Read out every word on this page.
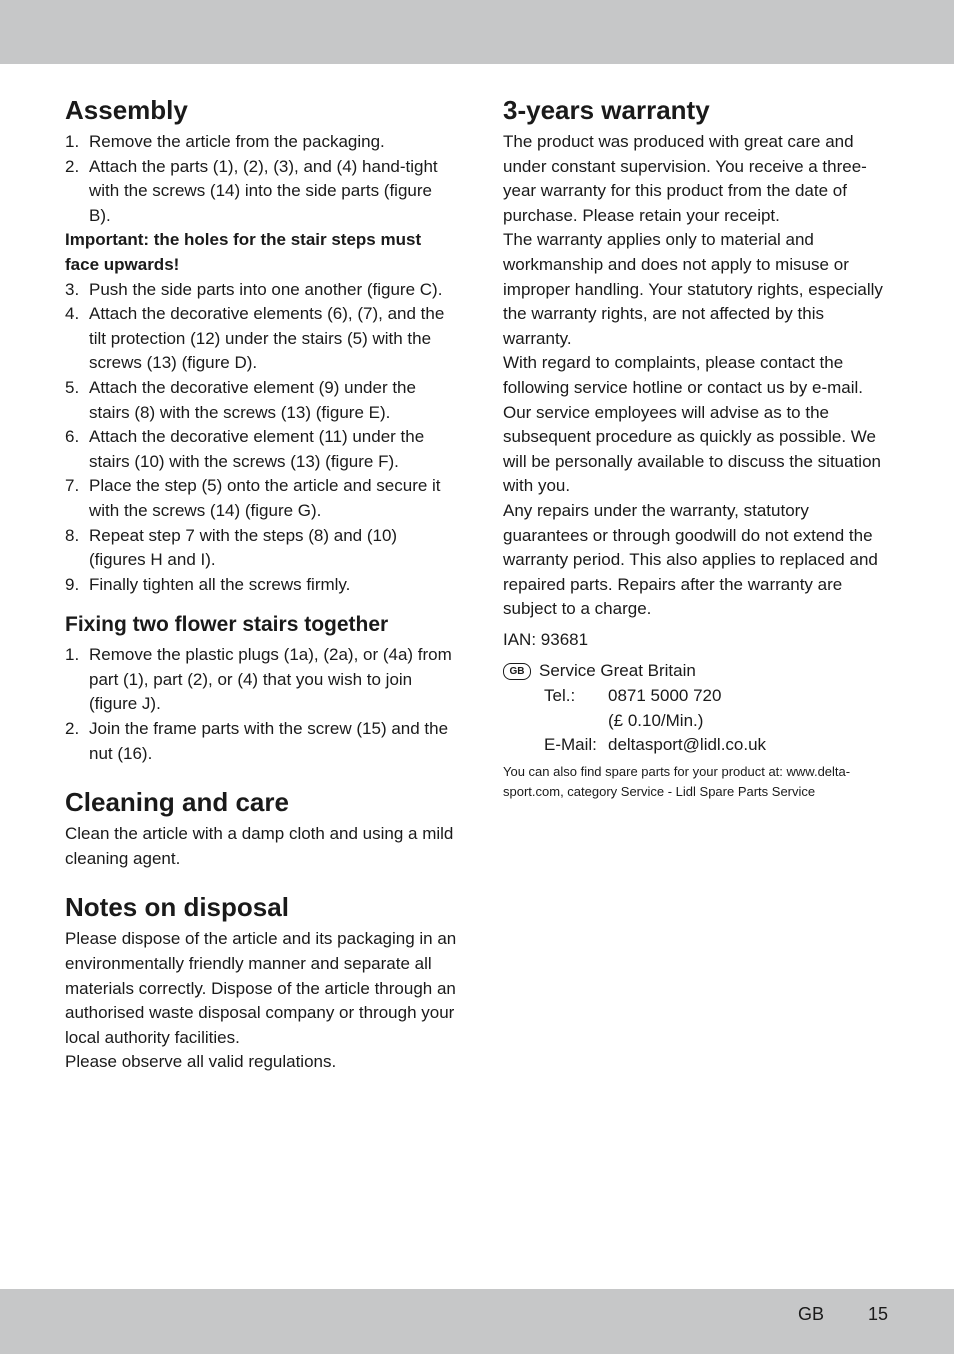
Assembly
1. Remove the article from the packaging.
2. Attach the parts (1), (2), (3), and (4) hand-tight with the screws (14) into the side parts (figure B).

Important: the holes for the stair steps must face upwards!

3. Push the side parts into one another (figure C).
4. Attach the decorative elements (6), (7), and the tilt protection (12) under the stairs (5) with the screws (13) (figure D).
5. Attach the decorative element (9) under the stairs (8) with the screws (13) (figure E).
6. Attach the decorative element (11) under the stairs (10) with the screws (13) (figure F).
7. Place the step (5) onto the article and secure it with the screws (14) (figure G).
8. Repeat step 7 with the steps (8) and (10) (figures H and I).
9. Finally tighten all the screws firmly.
Fixing two flower stairs together
1. Remove the plastic plugs (1a), (2a), or (4a) from part (1), part (2), or (4) that you wish to join (figure J).
2. Join the frame parts with the screw (15) and the nut (16).
Cleaning and care

Clean the article with a damp cloth and using a mild cleaning agent.

Notes on disposal

Please dispose of the article and its packaging in an environmentally friendly manner and separate all materials correctly. Dispose of the article through an authorised waste disposal company or through your local authority facilities.

Please observe all valid regulations.

3-years warranty

The product was produced with great care and under constant supervision. You receive a three-year warranty for this product from the date of purchase. Please retain your receipt.

The warranty applies only to material and workmanship and does not apply to misuse or improper handling. Your statutory rights, especially the warranty rights, are not affected by this warranty.

With regard to complaints, please contact the following service hotline or contact us by e-mail. Our service employees will advise as to the subsequent procedure as quickly as possible. We will be personally available to discuss the situation with you.

Any repairs under the warranty, statutory guarantees or through goodwill do not extend the warranty period. This also applies to replaced and repaired parts. Repairs after the warranty are subject to a charge.

IAN: 93681

GB Service Great Britain
Tel.:	0871 5000 720
(£ 0.10/Min.)
E-Mail: deltasport@lidl.co.uk

You can also find spare parts for your product at: www.delta-sport.com, category Service - Lidl Spare Parts Service

GB 15
